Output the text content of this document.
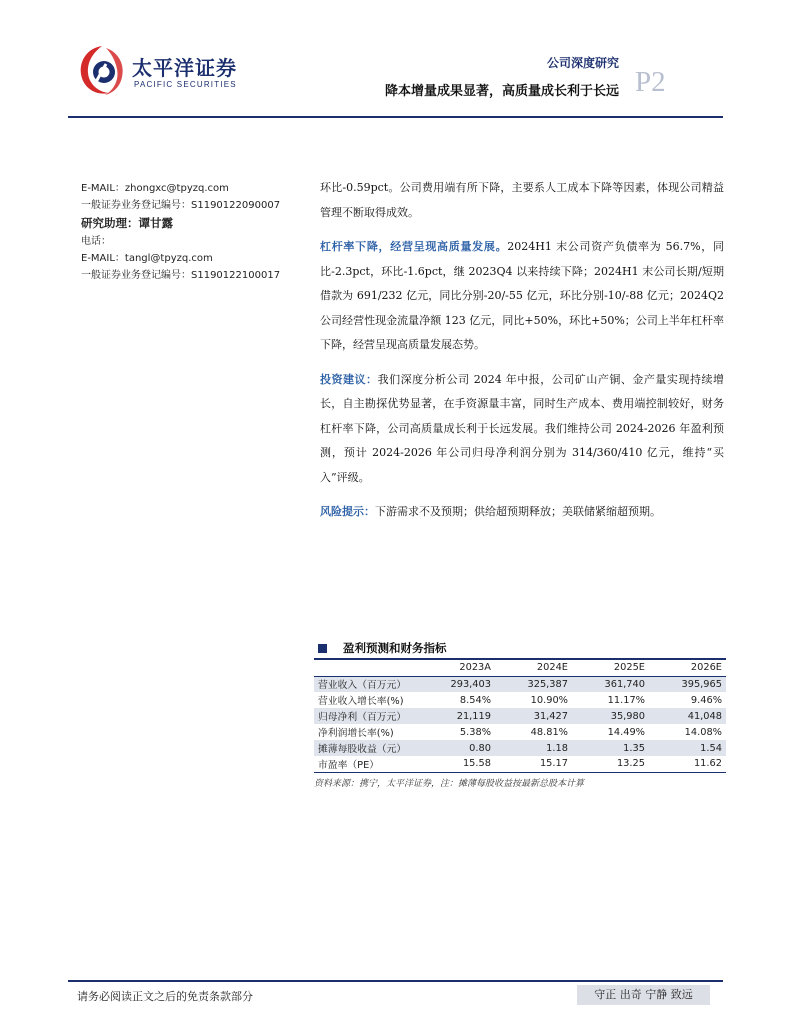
太平洋证券
PACIFIC SECURITIES
公司深度研究
降本增量成果显著，高质量成长利于长远 P2
E-MAIL：zhongxc@tpyzq.com
一般证券业务登记编号：S1190122090007
研究助理：谭甘露
电话：
E-MAIL：tangl@tpyzq.com
一般证券业务登记编号：S1190122100017

环比-0.59pct。公司费用端有所下降，主要系人工成本下降等因素，体现公司精益管理不断取得成效。

杠杆率下降，经营呈现高质量发展。2024H1 末公司资产负债率为 56.7%，同比-2.3pct，环比-1.6pct，继 2023Q4 以来持续下降；2024H1 末公司长期/短期借款为 691/232 亿元，同比分别-20/-55 亿元，环比分别-10/-88 亿元；2024Q2 公司经营性现金流量净额 123 亿元，同比+50%，环比+50%；公司上半年杠杆率下降，经营呈现高质量发展态势。

投资建议：我们深度分析公司 2024 年中报，公司矿山产铜、金产量实现持续增长，自主勘探优势显著，在手资源量丰富，同时生产成本、费用端控制较好，财务杠杆率下降，公司高质量成长利于长远发展。我们维持公司 2024-2026 年盈利预测，预计 2024-2026 年公司归母净利润分别为 314/360/410 亿元，维持“买入”评级。

风险提示：下游需求不及预期；供给超预期释放；美联储紧缩超预期。

盈利预测和财务指标
	2023A	2024E	2025E	2026E
营业收入（百万元）	293,403	325,387	361,740	395,965
营业收入增长率(%)	8.54%	10.90%	11.17%	9.46%
归母净利（百万元）	21,119	31,427	35,980	41,048
净利润增长率(%)	5.38%	48.81%	14.49%	14.08%
摊薄每股收益（元）	0.80	1.18	1.35	1.54
市盈率（PE）	15.58	15.17	13.25	11.62
资料来源：携宁，太平洋证券，注：摊薄每股收益按最新总股本计算
请务必阅读正文之后的免责条款部分	守正 出奇 宁静 致远
